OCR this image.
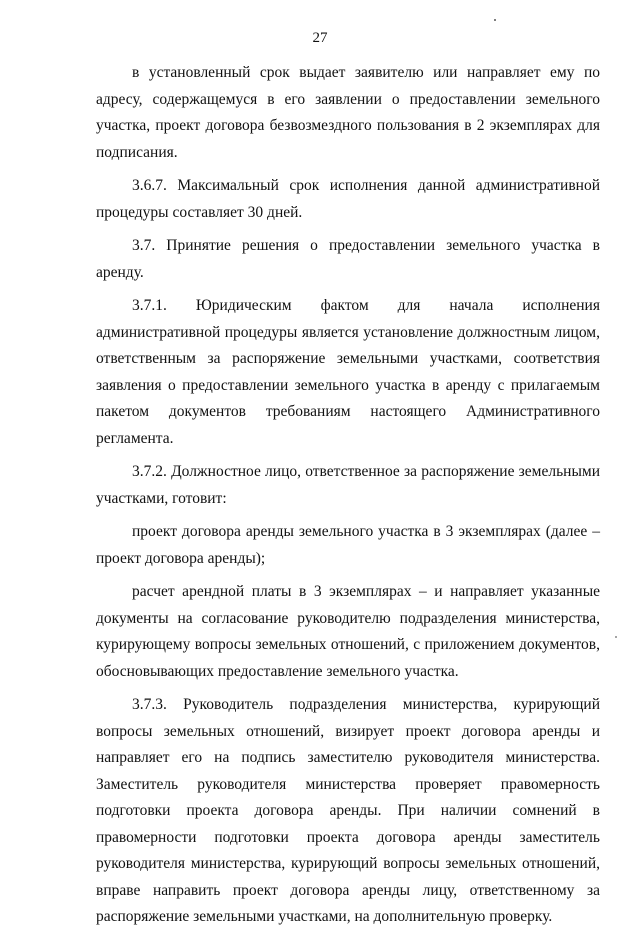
27

в установленный срок выдает заявителю или направляет ему по адресу, содержащемуся в его заявлении о предоставлении земельного участка, проект договора безвозмездного пользования в 2 экземплярах для подписания.

3.6.7. Максимальный срок исполнения данной административной процедуры составляет 30 дней.

3.7. Принятие решения о предоставлении земельного участка в аренду.

3.7.1. Юридическим фактом для начала исполнения административной процедуры является установление должностным лицом, ответственным за распоряжение земельными участками, соответствия заявления о предоставлении земельного участка в аренду с прилагаемым пакетом документов требованиям настоящего Административного регламента.

3.7.2. Должностное лицо, ответственное за распоряжение земельными участками, готовит:

проект договора аренды земельного участка в 3 экземплярах (далее – проект договора аренды);

расчет арендной платы в 3 экземплярах – и направляет указанные документы на согласование руководителю подразделения министерства, курирующему вопросы земельных отношений, с приложением документов, обосновывающих предоставление земельного участка.

3.7.3. Руководитель подразделения министерства, курирующий вопросы земельных отношений, визирует проект договора аренды и направляет его на подпись заместителю руководителя министерства. Заместитель руководителя министерства проверяет правомерность подготовки проекта договора аренды. При наличии сомнений в правомерности подготовки проекта договора аренды заместитель руководителя министерства, курирующий вопросы земельных отношений, вправе направить проект договора аренды лицу, ответственному за распоряжение земельными участками, на дополнительную проверку.
